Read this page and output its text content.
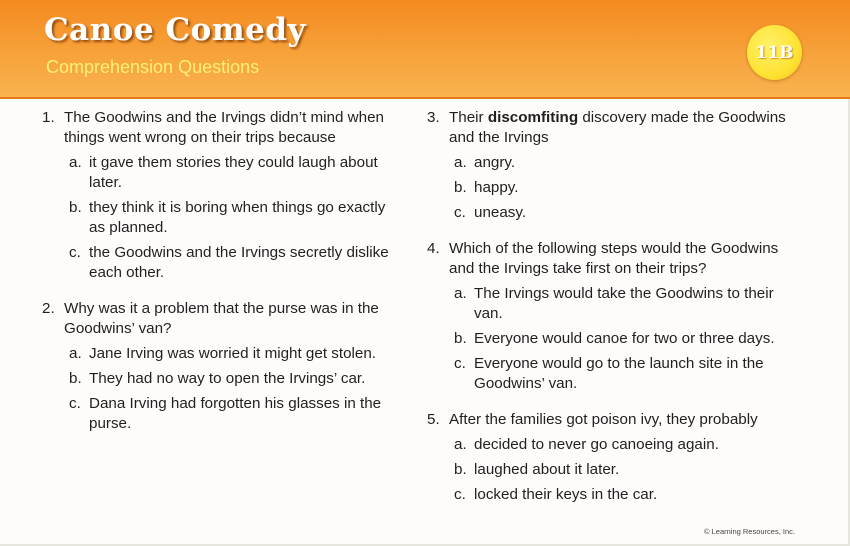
Canoe Comedy
Comprehension Questions
11B
1. The Goodwins and the Irvings didn’t mind when things went wrong on their trips because
a. it gave them stories they could laugh about later.
b. they think it is boring when things go exactly as planned.
c. the Goodwins and the Irvings secretly dislike each other.
2. Why was it a problem that the purse was in the Goodwins’ van?
a. Jane Irving was worried it might get stolen.
b. They had no way to open the Irvings’ car.
c. Dana Irving had forgotten his glasses in the purse.
3. Their discomfiting discovery made the Goodwins and the Irvings
a. angry.
b. happy.
c. uneasy.
4. Which of the following steps would the Goodwins and the Irvings take first on their trips?
a. The Irvings would take the Goodwins to their van.
b. Everyone would canoe for two or three days.
c. Everyone would go to the launch site in the Goodwins’ van.
5. After the families got poison ivy, they probably
a. decided to never go canoeing again.
b. laughed about it later.
c. locked their keys in the car.
© Learning Resources, Inc.
